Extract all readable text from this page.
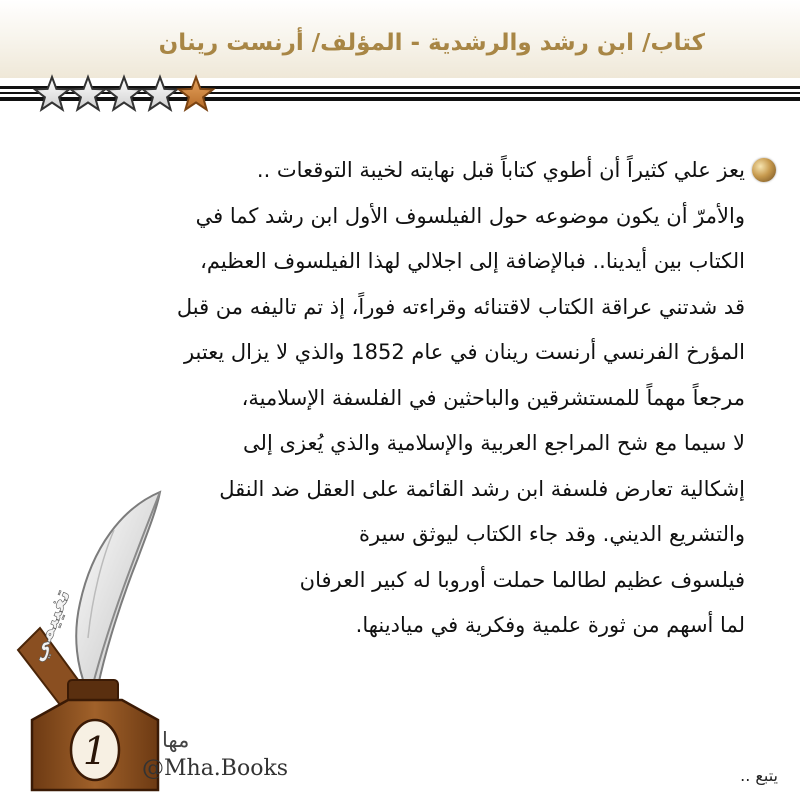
كتاب/ ابن رشد والرشدية - المؤلف/ أرنست رينان
يعز علي كثيراً أن أطوي كتاباً قبل نهايته لخيبة التوقعات ..
والأمرّ أن يكون موضوعه حول الفيلسوف الأول ابن رشد كما في
الكتاب بين أيدينا.. فبالإضافة إلى اجلالي لهذا الفيلسوف العظيم،
قد شدتني عراقة الكتاب لاقتنائه وقراءته فوراً، إذ تم تاليفه من قبل
المؤرخ الفرنسي أرنست رينان في عام 1852 والذي لا يزال يعتبر
مرجعاً مهماً للمستشرقين والباحثين في الفلسفة الإسلامية،
لا سيما مع شح المراجع العربية والإسلامية والذي يُعزى إلى
إشكالية تعارض فلسفة ابن رشد القائمة على العقل ضد النقل
والتشريع الديني. وقد جاء الكتاب ليوثق سيرة
فيلسوف عظيم لطالما حملت أوروبا له كبير العرفان
لما أسهم من ثورة علمية وفكرية في ميادينها.
تغييمي
1	مها
@Mha.Books	يتبع ..
